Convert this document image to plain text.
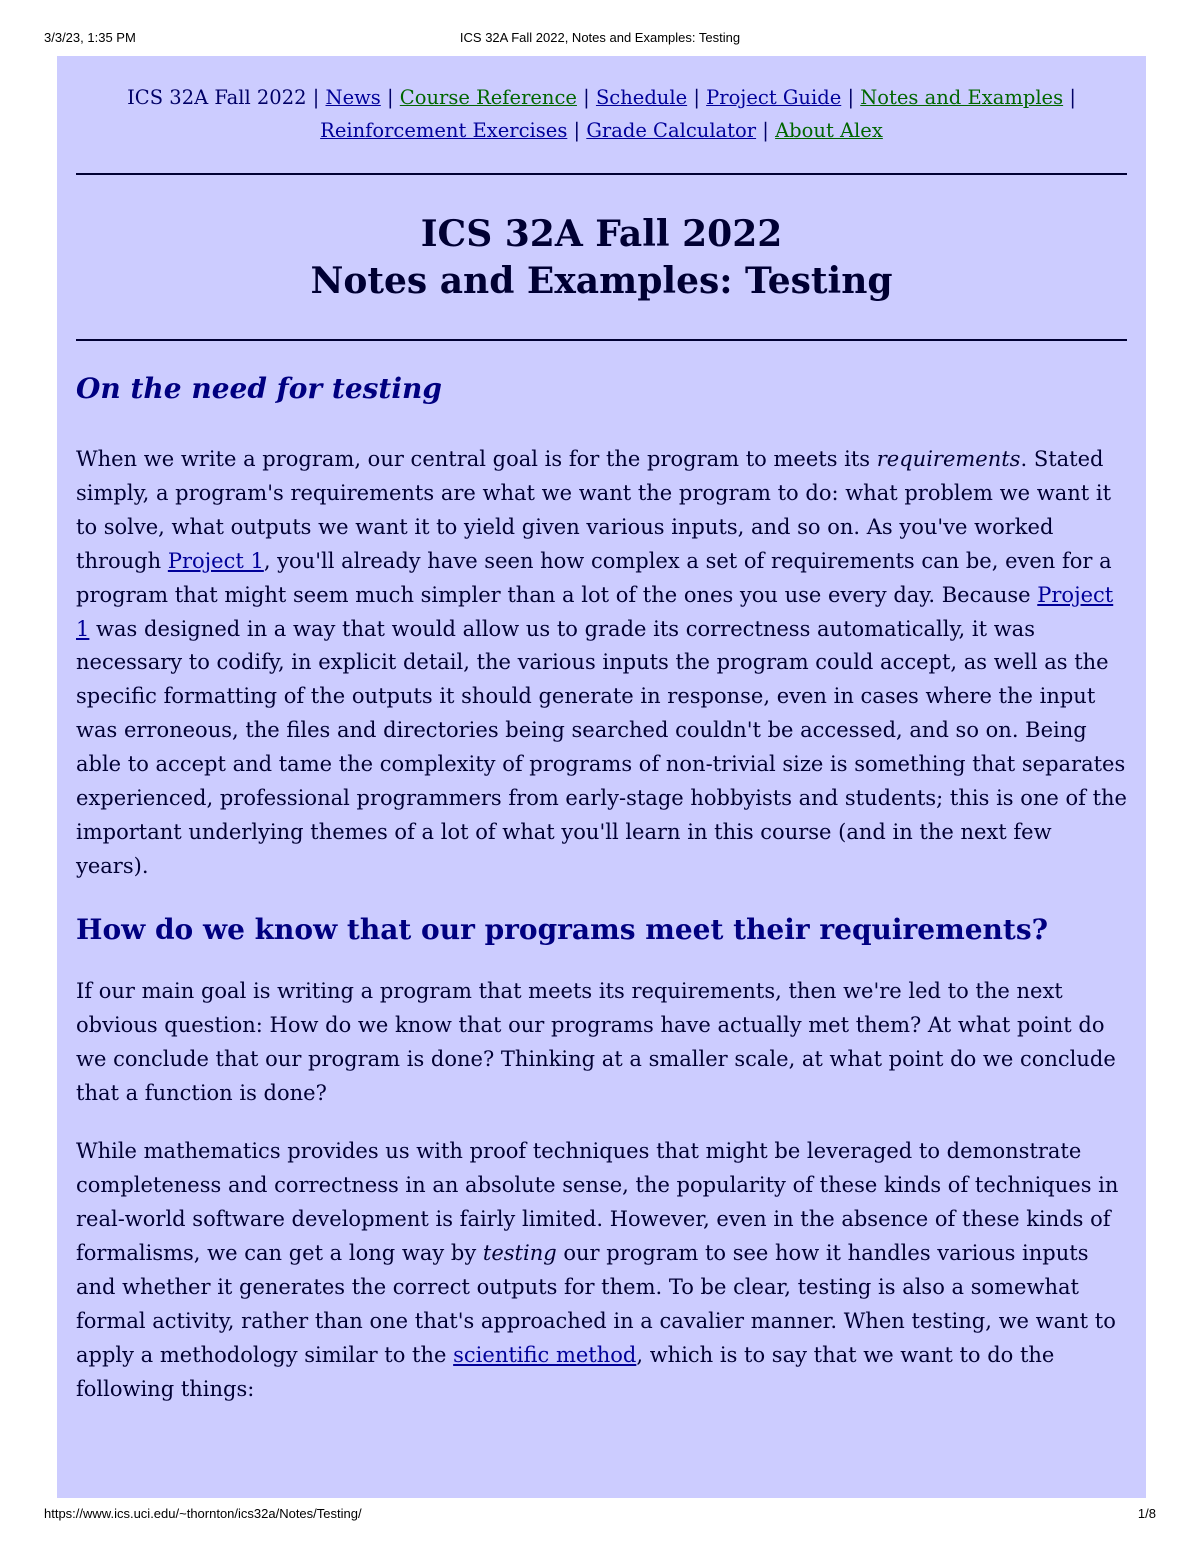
3/3/23, 1:35 PM	ICS 32A Fall 2022, Notes and Examples: Testing
ICS 32A Fall 2022 | News | Course Reference | Schedule | Project Guide | Notes and Examples | Reinforcement Exercises | Grade Calculator | About Alex
ICS 32A Fall 2022
Notes and Examples: Testing
On the need for testing

When we write a program, our central goal is for the program to meets its requirements. Stated simply, a program's requirements are what we want the program to do: what problem we want it to solve, what outputs we want it to yield given various inputs, and so on. As you've worked through Project 1, you'll already have seen how complex a set of requirements can be, even for a program that might seem much simpler than a lot of the ones you use every day. Because Project 1 was designed in a way that would allow us to grade its correctness automatically, it was necessary to codify, in explicit detail, the various inputs the program could accept, as well as the specific formatting of the outputs it should generate in response, even in cases where the input was erroneous, the files and directories being searched couldn't be accessed, and so on. Being able to accept and tame the complexity of programs of non-trivial size is something that separates experienced, professional programmers from early-stage hobbyists and students; this is one of the important underlying themes of a lot of what you'll learn in this course (and in the next few years).

How do we know that our programs meet their requirements?

If our main goal is writing a program that meets its requirements, then we're led to the next obvious question: How do we know that our programs have actually met them? At what point do we conclude that our program is done? Thinking at a smaller scale, at what point do we conclude that a function is done?

While mathematics provides us with proof techniques that might be leveraged to demonstrate completeness and correctness in an absolute sense, the popularity of these kinds of techniques in real-world software development is fairly limited. However, even in the absence of these kinds of formalisms, we can get a long way by testing our program to see how it handles various inputs and whether it generates the correct outputs for them. To be clear, testing is also a somewhat formal activity, rather than one that's approached in a cavalier manner. When testing, we want to apply a methodology similar to the scientific method, which is to say that we want to do the following things:

https://www.ics.uci.edu/~thornton/ics32a/Notes/Testing/	1/8
